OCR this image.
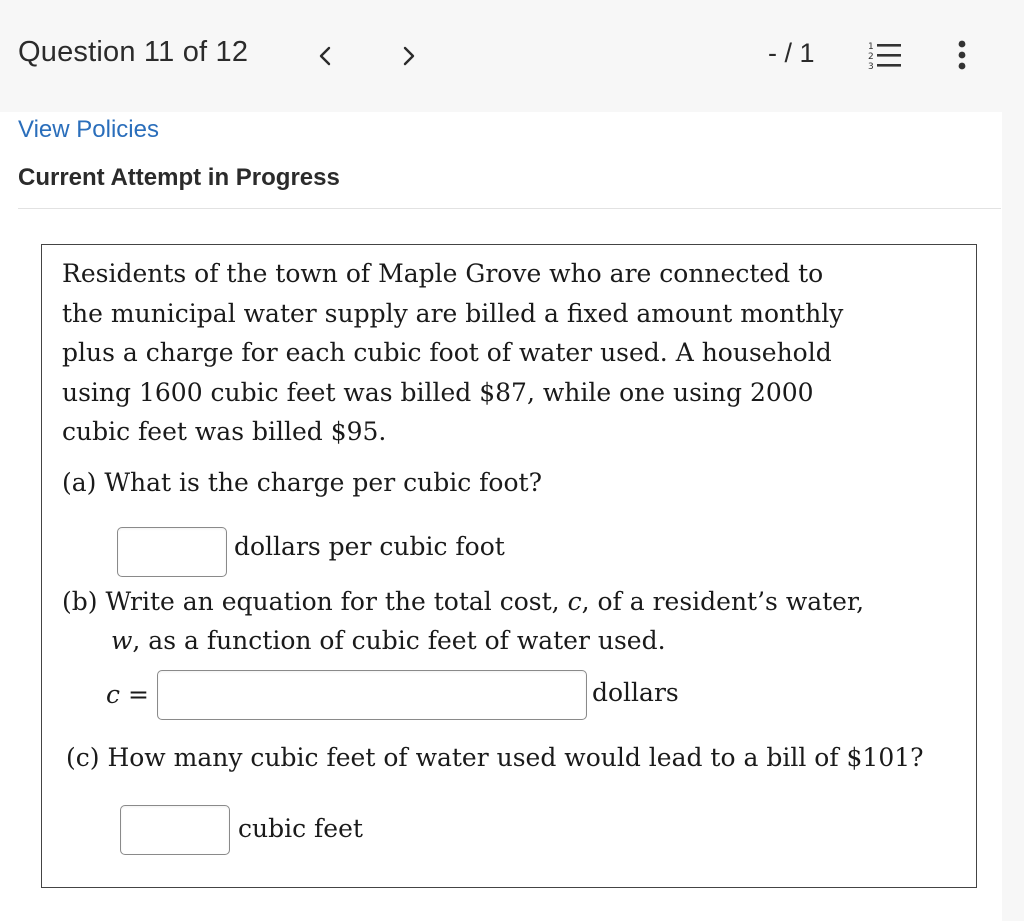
Question 11 of 12	- / 1	1
2
3
View Policies
Current Attempt in Progress
Residents of the town of Maple Grove who are connected to
the municipal water supply are billed a fixed amount monthly
plus a charge for each cubic foot of water used. A household
using 1600 cubic feet was billed $87, while one using 2000
cubic feet was billed $95.
(a) What is the charge per cubic foot?
dollars per cubic foot
(b) Write an equation for the total cost, c, of a resident’s water,
w, as a function of cubic feet of water used.
c =	dollars
(c) How many cubic feet of water used would lead to a bill of $101?
cubic feet
